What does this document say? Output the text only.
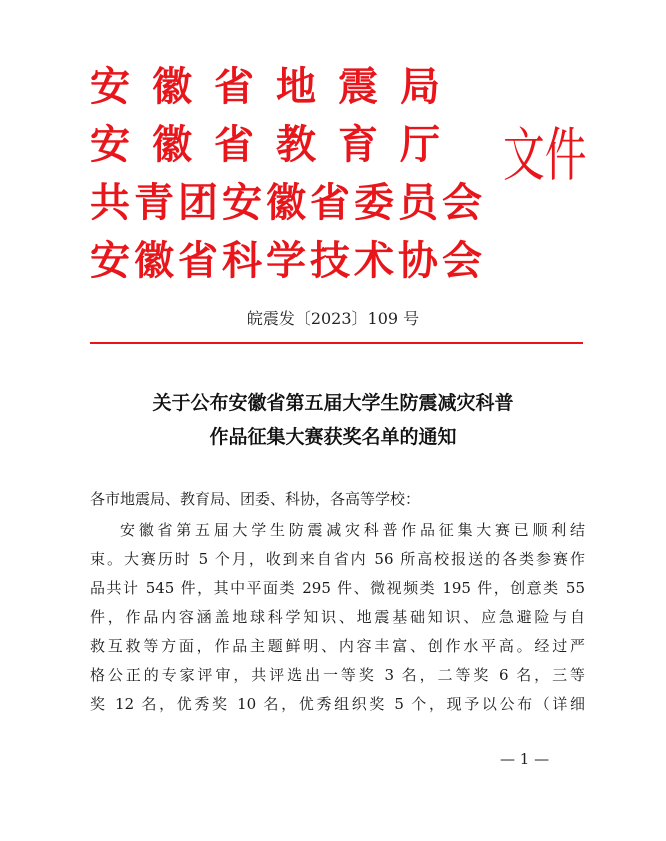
安徽省地震局
安徽省教育厅
共青团安徽省委员会
安徽省科学技术协会
文件
皖震发〔2023〕109 号
关于公布安徽省第五届大学生防震减灾科普
作品征集大赛获奖名单的通知
各市地震局、教育局、团委、科协，各高等学校：
安徽省第五届大学生防震减灾科普作品征集大赛已顺利结
束。大赛历时 5 个月，收到来自省内 56 所高校报送的各类参赛作
品共计 545 件，其中平面类 295 件、微视频类 195 件，创意类 55
件，作品内容涵盖地球科学知识、地震基础知识、应急避险与自
救互救等方面，作品主题鲜明、内容丰富、创作水平高。经过严
格公正的专家评审，共评选出一等奖 3 名，二等奖 6 名，三等
奖 12 名，优秀奖 10 名，优秀组织奖 5 个，现予以公布（详细
— 1 —
